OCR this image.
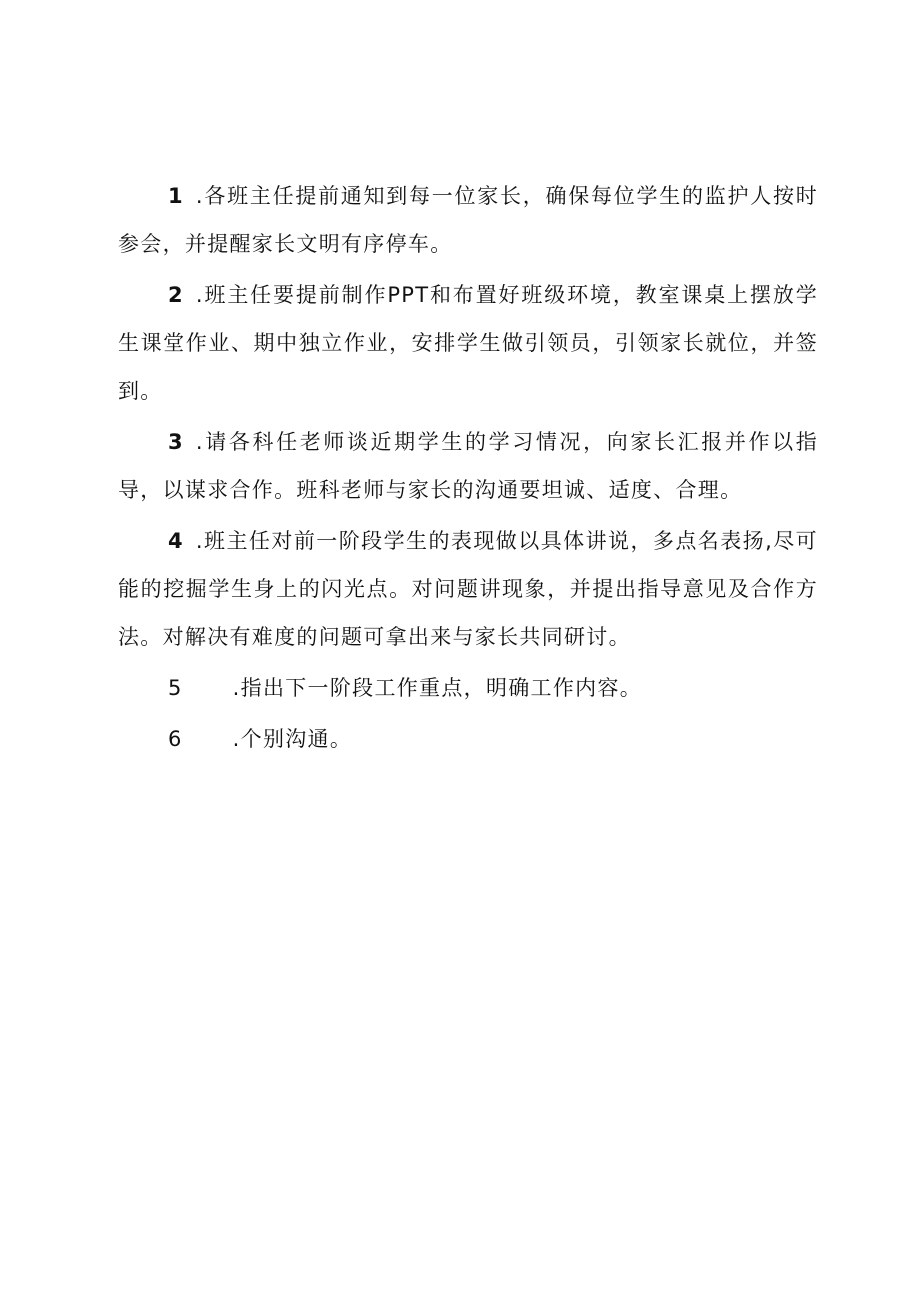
1 .各班主任提前通知到每一位家长，确保每位学生的监护人按时参会，并提醒家长文明有序停车。

2 .班主任要提前制作PPT和布置好班级环境，教室课桌上摆放学生课堂作业、期中独立作业，安排学生做引领员，引领家长就位，并签到。

3 .请各科任老师谈近期学生的学习情况，向家长汇报并作以指导，以谋求合作。班科老师与家长的沟通要坦诚、适度、合理。

4 .班主任对前一阶段学生的表现做以具体讲说，多点名表扬,尽可能的挖掘学生身上的闪光点。对问题讲现象，并提出指导意见及合作方法。对解决有难度的问题可拿出来与家长共同研讨。

5 .指出下一阶段工作重点，明确工作内容。

6 .个别沟通。
